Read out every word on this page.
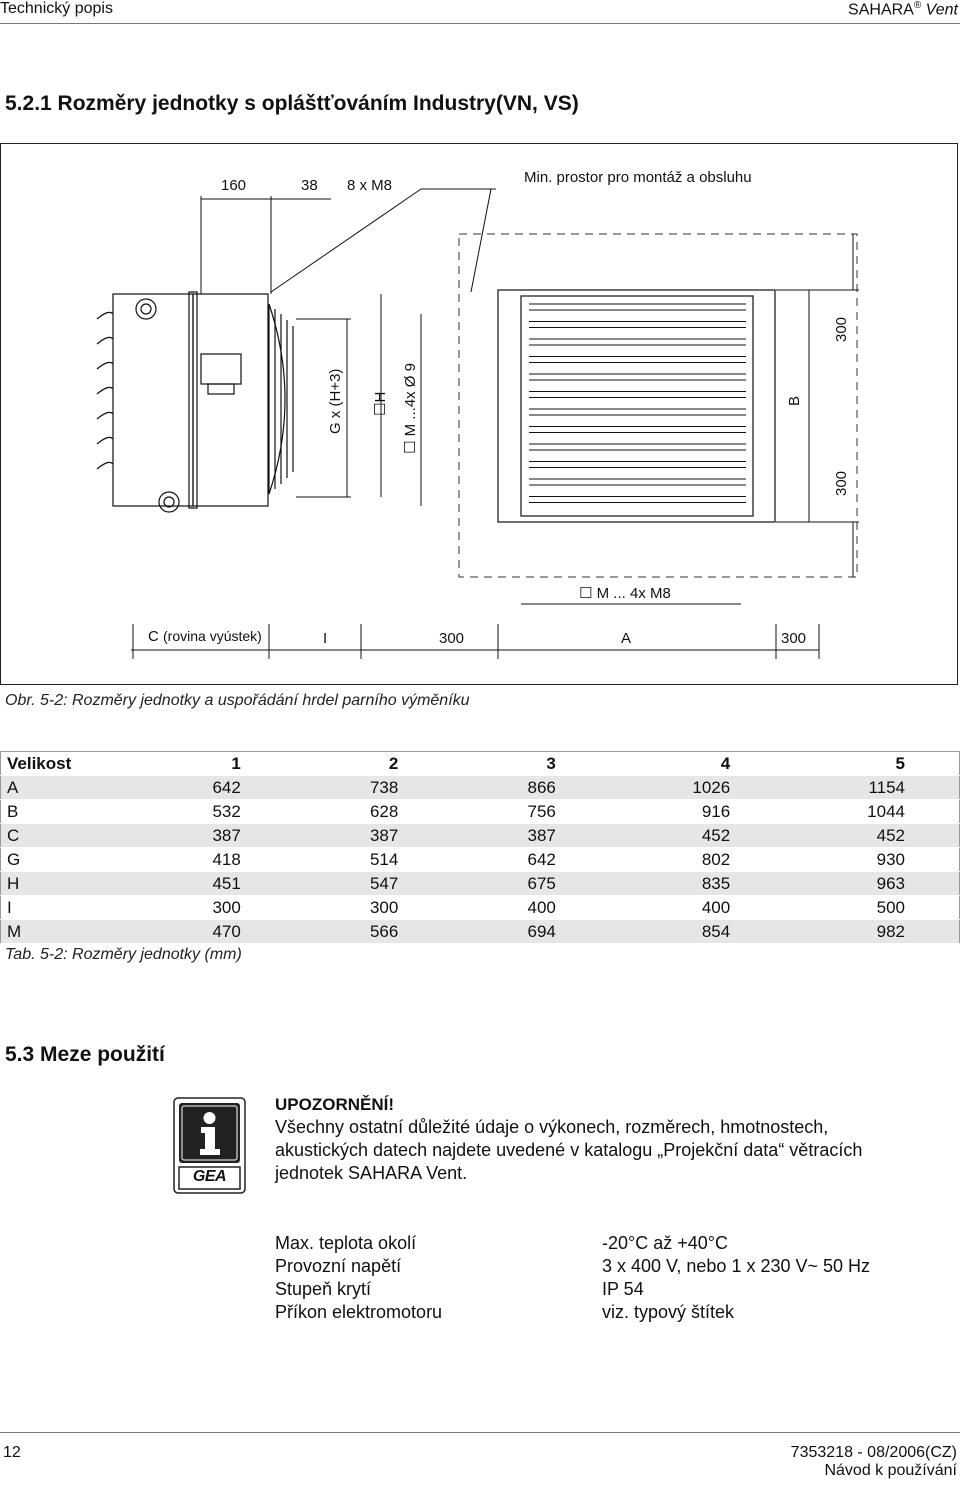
Technický popis	SAHARA® Vent
5.2.1 Rozměry jednotky s opláštťováním Industry(VN, VS)
160	38 8 x M8	Min. prostor pro montáž a obsluhu
G x (H+3) ☐H ☐ M ...4x Ø 9	B
300
300
☐ M ... 4x M8
C (rovina vyústek)	I	300	A	300
Obr. 5-2: Rozměry jednotky a uspořádání hrdel parního výměníku
Velikost	1	2	3	4	5
A	642	738	866	1026	1154
B	532	628	756	916	1044
C	387	387	387	452	452
G	418	514	642	802	930
H	451	547	675	835	963
I	300	300	400	400	500
M	470	566	694	854	982
Tab. 5-2: Rozměry jednotky (mm)
5.3 Meze použití
GEA
UPOZORNĚNÍ!
Všechny ostatní důležité údaje o výkonech, rozměrech, hmotnostech,
akustických datech najdete uvedené v katalogu „Projekční data“ větracích
jednotek SAHARA Vent.
Max. teplota okolí	-20°C až +40°C
Provozní napětí	3 x 400 V, nebo 1 x 230 V~ 50 Hz
Stupeň krytí	IP 54
Příkon elektromotoru	viz. typový štítek
12	7353218 - 08/2006(CZ)
Návod k používání
